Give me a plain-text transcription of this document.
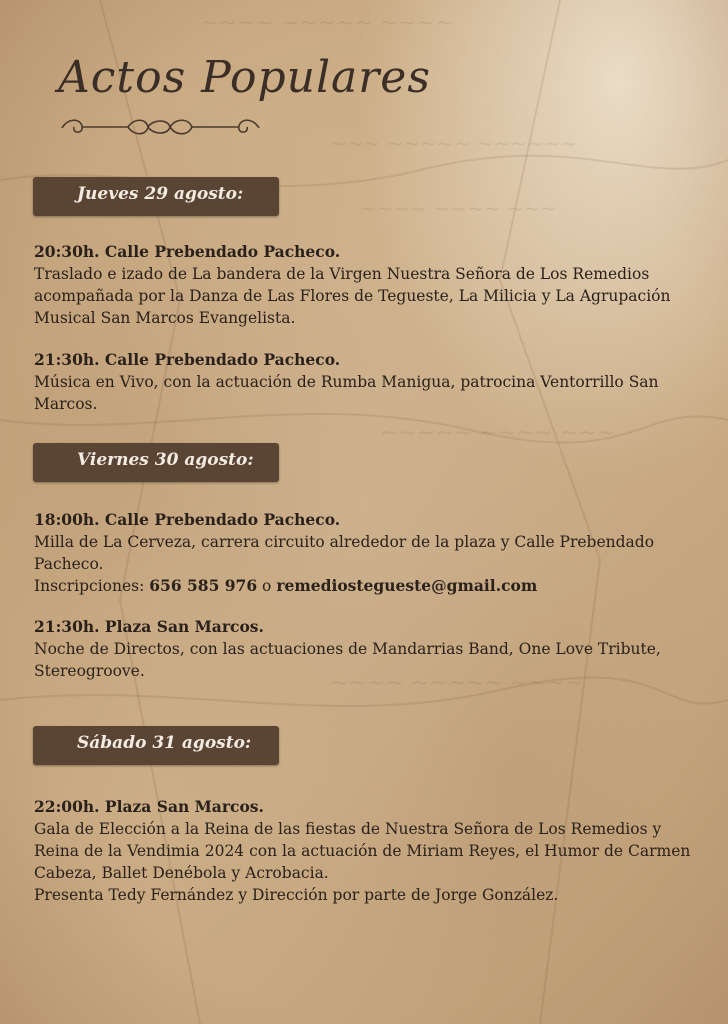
~~~~ ~~~~~ ~~~~
~~~ ~~~~~ ~~~~~~
~~~~ ~~~~ ~~~
~~~~~ ~~~~ ~~~
~~~~ ~~~~~ ~~~~
Actos Populares
Jueves 29 agosto:
20:30h. Calle Prebendado Pacheco.

Traslado e izado de La bandera de la Virgen Nuestra Señora de Los Remedios acompañada por la Danza de Las Flores de Tegueste, La Milicia y La Agrupación Musical San Marcos Evangelista.

21:30h. Calle Prebendado Pacheco.

Música en Vivo, con la actuación de Rumba Manigua, patrocina Ventorrillo San Marcos.

Viernes 30 agosto:
18:00h. Calle Prebendado Pacheco.

Milla de La Cerveza, carrera circuito alrededor de la plaza y Calle Prebendado Pacheco.

Inscripciones: 656 585 976 o remediostegueste@gmail.com

21:30h. Plaza San Marcos.

Noche de Directos, con las actuaciones de Mandarrias Band, One Love Tribute, Stereogroove.

Sábado 31 agosto:
22:00h. Plaza San Marcos.

Gala de Elección a la Reina de las fiestas de Nuestra Señora de Los Remedios y Reina de la Vendimia 2024 con la actuación de Miriam Reyes, el Humor de Carmen Cabeza, Ballet Denébola y Acrobacia.

Presenta Tedy Fernández y Dirección por parte de Jorge González.
